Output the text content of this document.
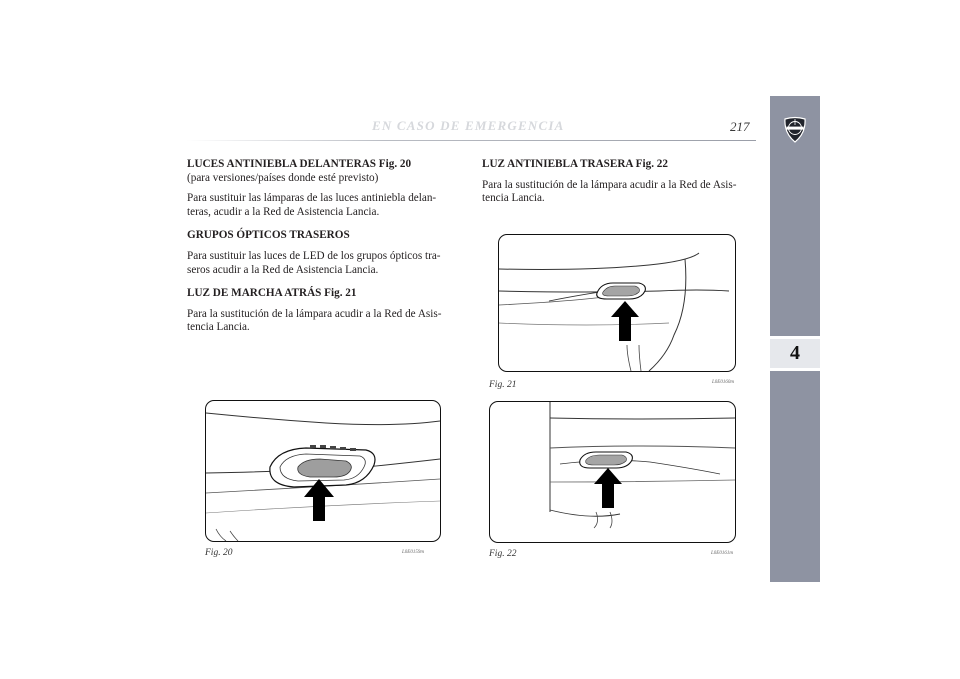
EN CASO DE EMERGENCIA	217
4
LUCES ANTINIEBLA DELANTERAS Fig. 20

(para versiones/países donde esté previsto)

Para sustituir las lámparas de las luces antiniebla delan-

teras, acudir a la Red de Asistencia Lancia.

GRUPOS ÓPTICOS TRASEROS

Para sustituir las luces de LED de los grupos ópticos tra-

seros acudir a la Red de Asistencia Lancia.

LUZ DE MARCHA ATRÁS Fig. 21

Para la sustitución de la lámpara acudir a la Red de Asis-

tencia Lancia.

LUZ ANTINIEBLA TRASERA Fig. 22

Para la sustitución de la lámpara acudir a la Red de Asis-

tencia Lancia.

Fig. 20	L0E0159m
Fig. 21	L0E0160m
Fig. 22	L0E0161m
